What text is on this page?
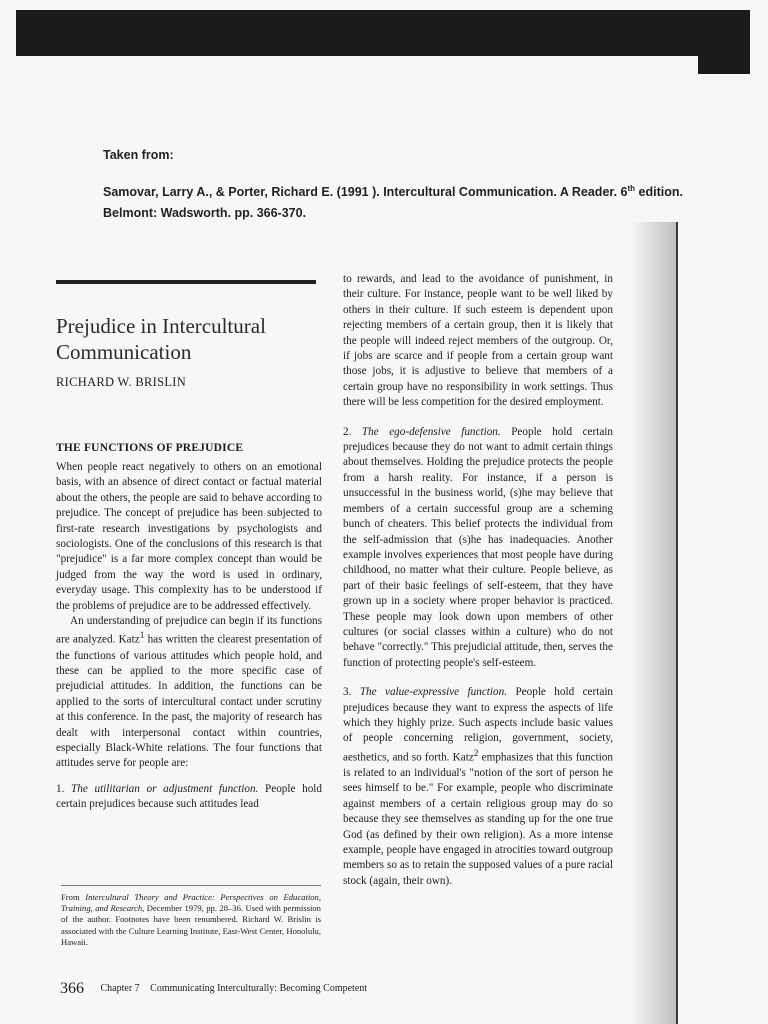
Taken from:

Samovar, Larry A., & Porter, Richard E. (1991 ). Intercultural Communication. A Reader. 6th edition.

Belmont: Wadsworth. pp. 366-370.

Prejudice in Intercultural Communication
RICHARD W. BRISLIN
THE FUNCTIONS OF PREJUDICE

When people react negatively to others on an emotional basis, with an absence of direct contact or factual material about the others, the people are said to behave according to prejudice. The concept of prejudice has been subjected to first-rate research investigations by psychologists and sociologists. One of the conclusions of this research is that "prejudice" is a far more complex concept than would be judged from the way the word is used in ordinary, everyday usage. This complexity has to be understood if the problems of prejudice are to be addressed effectively.

An understanding of prejudice can begin if its functions are analyzed. Katz$^1$ has written the clearest presentation of the functions of various attitudes which people hold, and these can be applied to the more specific case of prejudicial attitudes. In addition, the functions can be applied to the sorts of intercultural contact under scrutiny at this conference. In the past, the majority of research has dealt with interpersonal contact within countries, especially Black-White relations. The four functions that attitudes serve for people are:

1. The utilitarian or adjustment function. People hold certain prejudices because such attitudes lead

to rewards, and lead to the avoidance of punishment, in their culture. For instance, people want to be well liked by others in their culture. If such esteem is dependent upon rejecting members of a certain group, then it is likely that the people will indeed reject members of the outgroup. Or, if jobs are scarce and if people from a certain group want those jobs, it is adjustive to believe that members of a certain group have no responsibility in work settings. Thus there will be less competition for the desired employment.

2. The ego-defensive function. People hold certain prejudices because they do not want to admit certain things about themselves. Holding the prejudice protects the people from a harsh reality. For instance, if a person is unsuccessful in the business world, (s)he may believe that members of a certain successful group are a scheming bunch of cheaters. This belief protects the individual from the self-admission that (s)he has inadequacies. Another example involves experiences that most people have during childhood, no matter what their culture. People believe, as part of their basic feelings of self-esteem, that they have grown up in a society where proper behavior is practiced. These people may look down upon members of other cultures (or social classes within a culture) who do not behave "correctly." This prejudicial attitude, then, serves the function of protecting people's self-esteem.

3. The value-expressive function. People hold certain prejudices because they want to express the aspects of life which they highly prize. Such aspects include basic values of people concerning religion, government, society, aesthetics, and so forth. Katz$^2$ emphasizes that this function is related to an individual's "notion of the sort of person he sees himself to be." For example, people who discriminate against members of a certain religious group may do so because they see themselves as standing up for the one true God (as defined by their own religion). As a more intense example, people have engaged in atrocities toward outgroup members so as to retain the supposed values of a pure racial stock (again, their own).

From Intercultural Theory and Practice: Perspectives on Education, Training, and Research, December 1979, pp. 28–36. Used with permission of the author. Footnotes have been renumbered. Richard W. Brislin is associated with the Culture Learning Institute, East-West Center, Honolulu, Hawaii.
366 Chapter 7 Communicating Interculturally: Becoming Competent
